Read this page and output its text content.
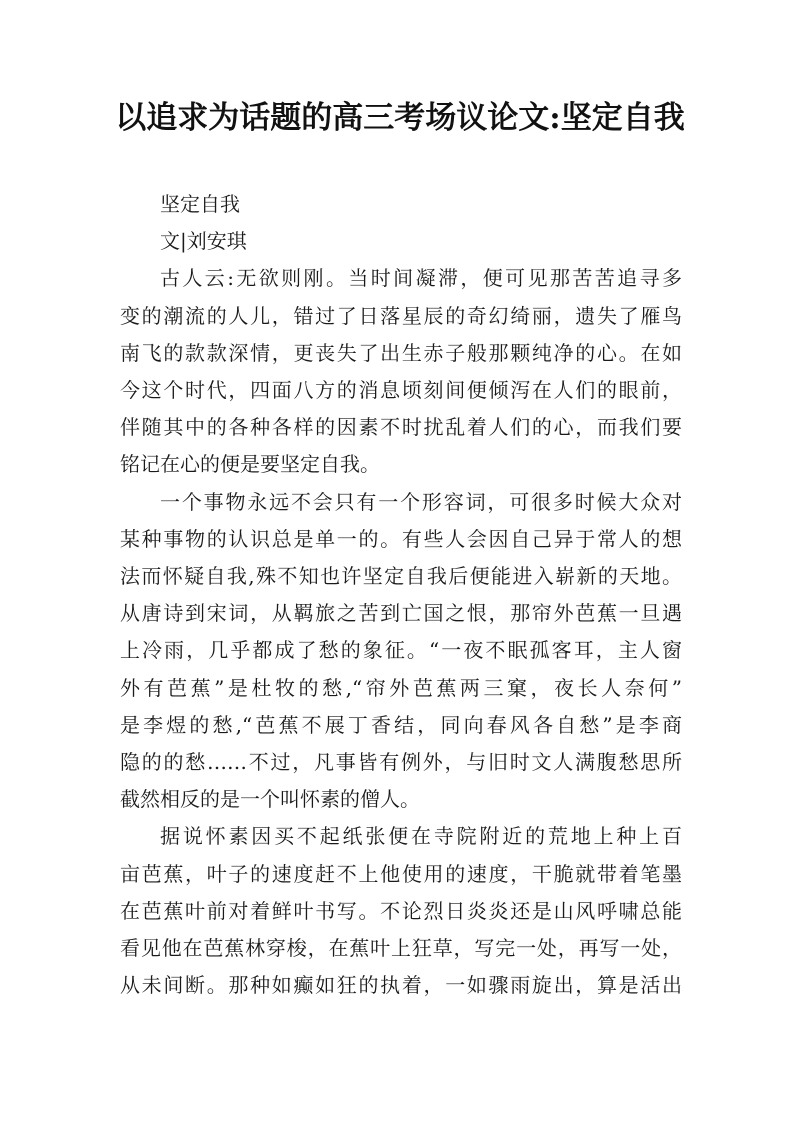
以追求为话题的高三考场议论文:坚定自我
坚定自我
文|刘安琪
古人云:无欲则刚。当时间凝滞，便可见那苦苦追寻多
变的潮流的人儿，错过了日落星辰的奇幻绮丽，遗失了雁鸟
南飞的款款深情，更丧失了出生赤子般那颗纯净的心。在如
今这个时代，四面八方的消息顷刻间便倾泻在人们的眼前，
伴随其中的各种各样的因素不时扰乱着人们的心，而我们要
铭记在心的便是要坚定自我。
一个事物永远不会只有一个形容词，可很多时候大众对
某种事物的认识总是单一的。有些人会因自己异于常人的想
法而怀疑自我,殊不知也许坚定自我后便能进入崭新的天地。
从唐诗到宋词，从羁旅之苦到亡国之恨，那帘外芭蕉一旦遇
上冷雨，几乎都成了愁的象征。“一夜不眠孤客耳，主人窗
外有芭蕉”是杜牧的愁,“帘外芭蕉两三窠，夜长人奈何”
是李煜的愁,“芭蕉不展丁香结，同向春风各自愁”是李商
隐的的愁……不过，凡事皆有例外，与旧时文人满腹愁思所
截然相反的是一个叫怀素的僧人。
据说怀素因买不起纸张便在寺院附近的荒地上种上百
亩芭蕉，叶子的速度赶不上他使用的速度，干脆就带着笔墨
在芭蕉叶前对着鲜叶书写。不论烈日炎炎还是山风呼啸总能
看见他在芭蕉林穿梭，在蕉叶上狂草，写完一处，再写一处，
从未间断。那种如癫如狂的执着，一如骤雨旋出，算是活出
